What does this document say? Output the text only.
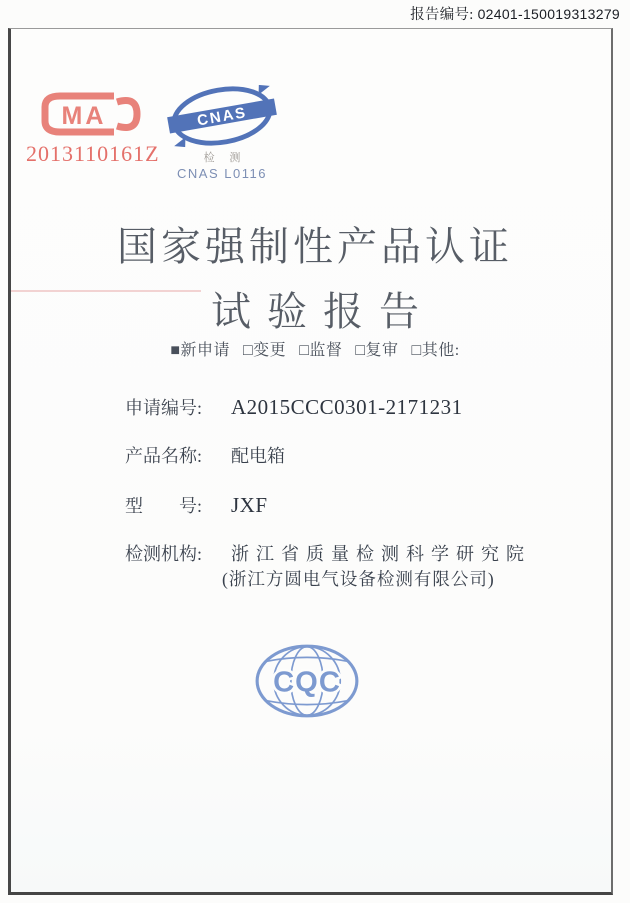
报告编号: 02401-150019313279
MA
2013110161Z
CNAS
检 测
CNAS L0116
国家强制性产品认证
试验报告
■新申请 □变更 □监督 □复审 □其他:
申请编号:	A2015CCC0301-2171231
产品名称:	配电箱
型　　号:	JXF
检测机构:	浙江省质量检测科学研究院
(浙江方圆电气设备检测有限公司)
CQC
